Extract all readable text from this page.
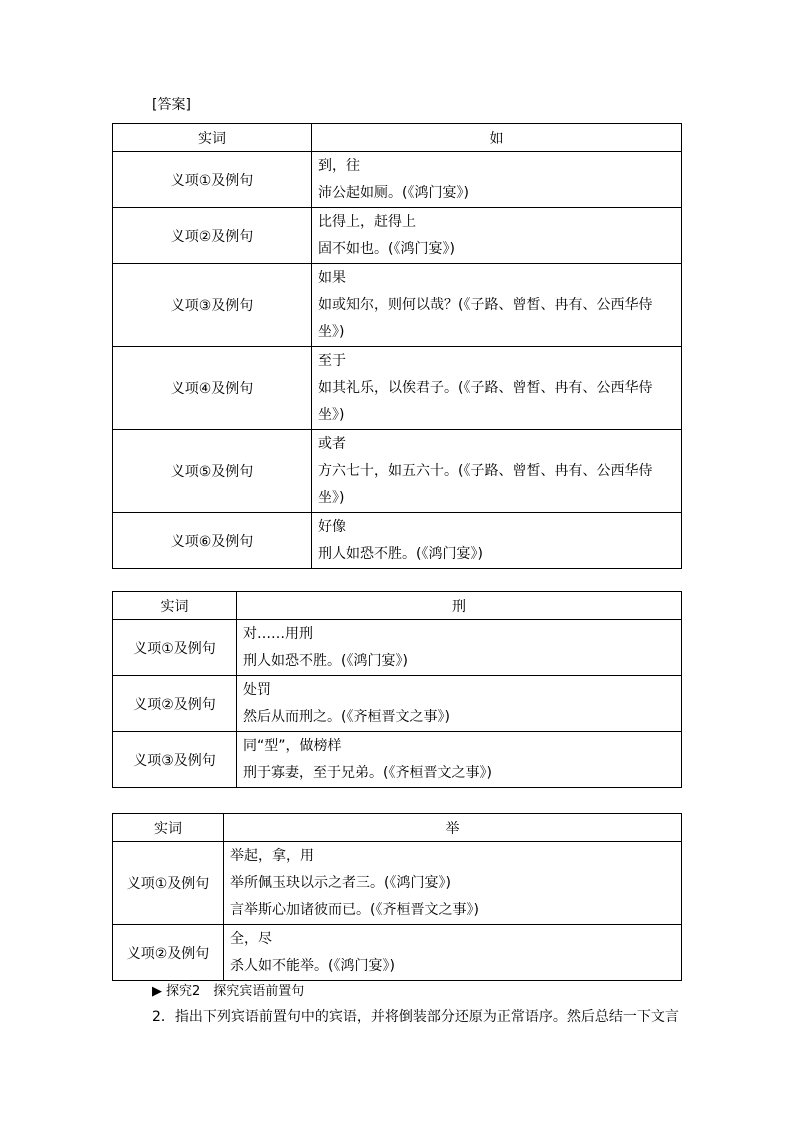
[答案]
实词	如
义项①及例句	到，往
沛公起如厕。(《鸿门宴》)

义项②及例句	比得上，赶得上
固不如也。(《鸿门宴》)

义项③及例句	如果
如或知尔，则何以哉？(《子路、曾皙、冉有、公西华侍坐》)

义项④及例句	至于
如其礼乐，以俟君子。(《子路、曾皙、冉有、公西华侍坐》)

义项⑤及例句	或者
方六七十，如五六十。(《子路、曾皙、冉有、公西华侍坐》)

义项⑥及例句	好像
刑人如恐不胜。(《鸿门宴》)
实词	刑
义项①及例句	对……用刑
刑人如恐不胜。(《鸿门宴》)

义项②及例句	处罚
然后从而刑之。(《齐桓晋文之事》)

义项③及例句	同“型”，做榜样
刑于寡妻，至于兄弟。(《齐桓晋文之事》)
实词	举
义项①及例句	举起，拿，用
举所佩玉玦以示之者三。(《鸿门宴》)
言举斯心加诸彼而已。(《齐桓晋文之事》)

义项②及例句	全，尽
杀人如不能举。(《鸿门宴》)
▶ 探究2　探究宾语前置句
2．指出下列宾语前置句中的宾语，并将倒装部分还原为正常语序。然后总结一下文言
